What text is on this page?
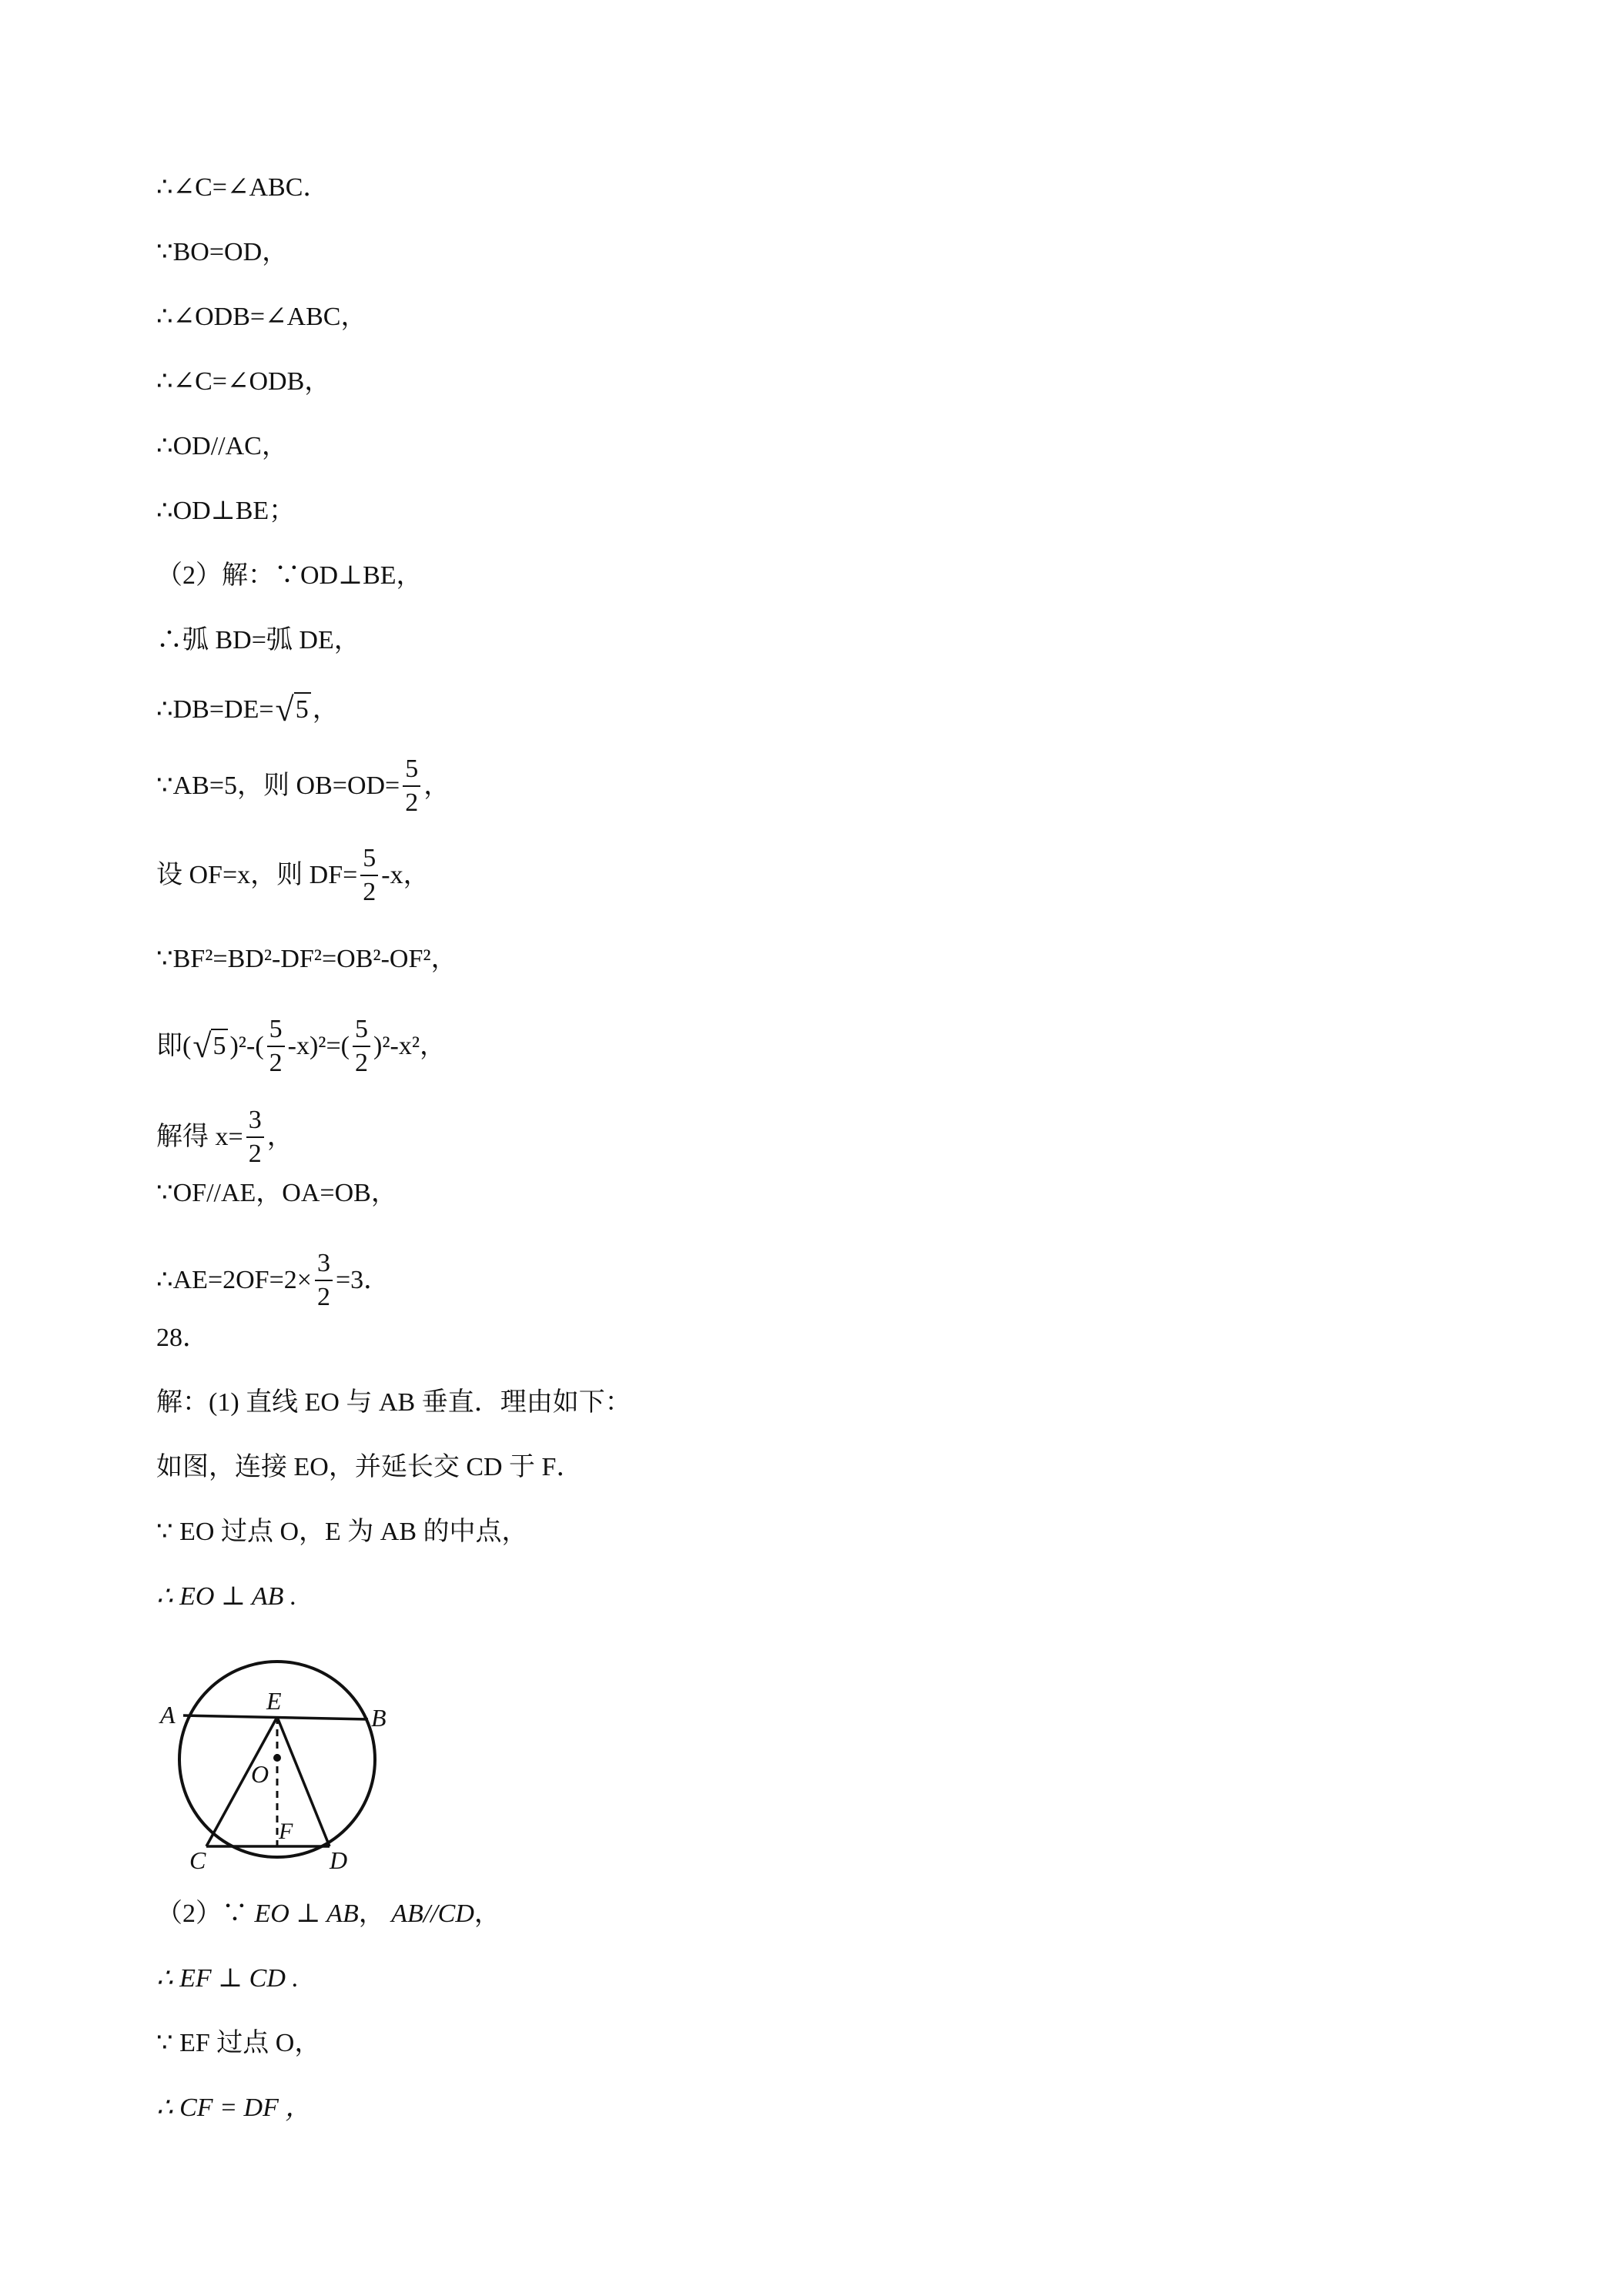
∴∠C=∠ABC．
∵BO=OD，
∴∠ODB=∠ABC，
∴∠C=∠ODB，
∴OD//AC，
∴OD⊥BE；
（2）解：∵OD⊥BE，
∴弧 BD=弧 DE，
∴DB=DE=√5 ，
∵AB=5，则 $OB=OD= \frac{5}{2}$ ，
设 OF=x，则 $DF= \frac{5}{2} -x$，
∵BF²=BD²-DF²=OB²-OF²，
即(√5 )$^2-( \frac{5}{2} -x)^2=( \frac{5}{2} )^2-x^2$，
解得 $x= \frac{3}{2}$ ，
∵OF//AE，OA=OB，
∴AE=2OF=2× $\frac{3}{2} =3$．
28．
解：(1) 直线 EO 与 AB 垂直．理由如下：
如图，连接 EO，并延长交 CD 于 F．
∵ EO 过点 O，E 为 AB 的中点，
∴ EO ⊥ AB .
A	B
E
O
F
C	D
（2）∵ EO ⊥ AB， AB//CD，
∴ EF ⊥ CD .
∵ EF 过点 O，
∴ CF = DF ，
